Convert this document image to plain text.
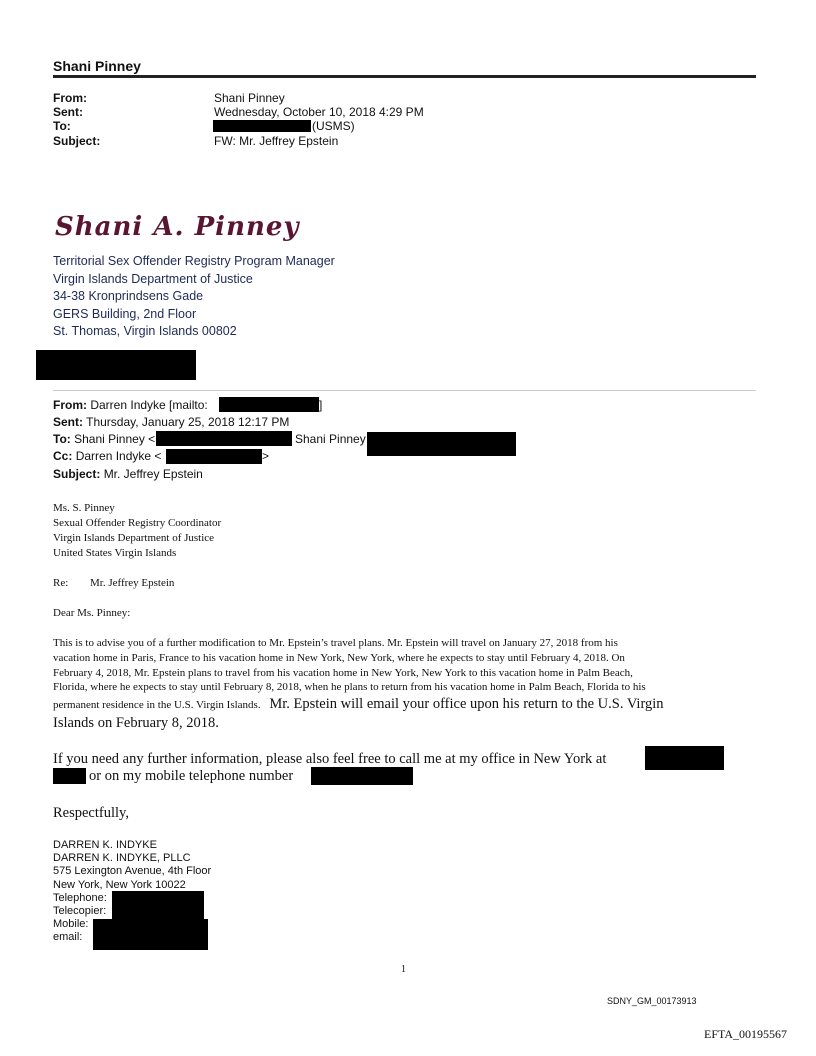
Shani Pinney
From:	Shani Pinney
Sent:	Wednesday, October 10, 2018 4:29 PM
To:	(USMS)
Subject:	FW: Mr. Jeffrey Epstein
Shani A. Pinney
Territorial Sex Offender Registry Program Manager
Virgin Islands Department of Justice
34-38 Kronprindsens Gade
GERS Building, 2nd Floor
St. Thomas, Virgin Islands 00802
From: Darren Indyke [mailto:	]
Sent: Thursday, January 25, 2018 12:17 PM
To: Shani Pinney <	Shani Pinney
Cc: Darren Indyke <	>
Subject: Mr. Jeffrey Epstein
Ms. S. Pinney
Sexual Offender Registry Coordinator
Virgin Islands Department of Justice
United States Virgin Islands
Re: Mr. Jeffrey Epstein
Dear Ms. Pinney:
This is to advise you of a further modification to Mr. Epstein’s travel plans. Mr. Epstein will travel on January 27, 2018 from his
vacation home in Paris, France to his vacation home in New York, New York, where he expects to stay until February 4, 2018. On
February 4, 2018, Mr. Epstein plans to travel from his vacation home in New York, New York to this vacation home in Palm Beach,
Florida, where he expects to stay until February 8, 2018, when he plans to return from his vacation home in Palm Beach, Florida to his
permanent residence in the U.S. Virgin Islands. Mr. Epstein will email your office upon his return to the U.S. Virgin
Islands on February 8, 2018.
If you need any further information, please also feel free to call me at my office in New York at
or on my mobile telephone number
Respectfully,
DARREN K. INDYKE
DARREN K. INDYKE, PLLC
575 Lexington Avenue, 4th Floor
New York, New York 10022
Telephone:
Telecopier:
Mobile:
email:
1
SDNY_GM_00173913
EFTA_00195567
